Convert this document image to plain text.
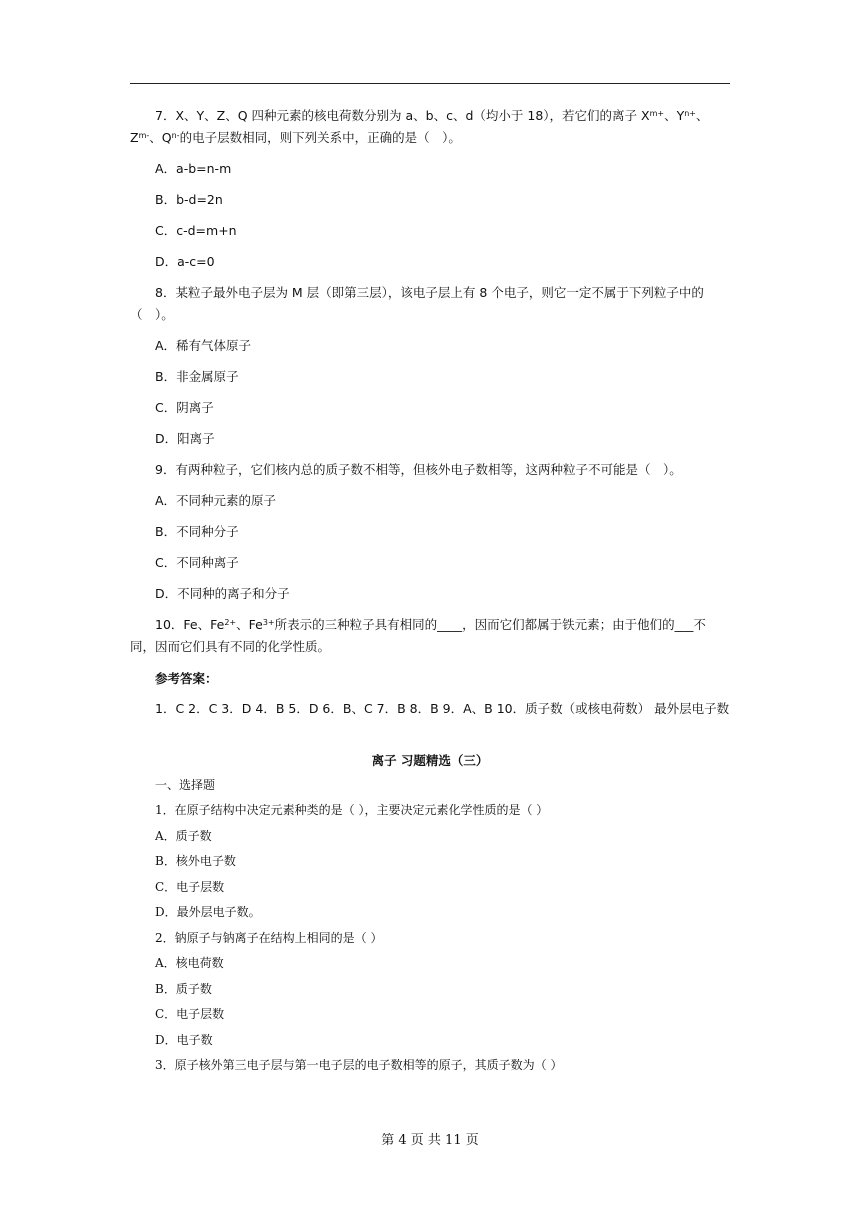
7．X、Y、Z、Q 四种元素的核电荷数分别为 a、b、c、d（均小于 18），若它们的离子 $X^{m+}$、$Y^{n+}$、$Z^{m-}$、$Q^{n-}$的电子层数相同，则下列关系中，正确的是（　）。
A．a-b=n-m
B．b-d=2n
C．c-d=m+n
D．a-c=0
8．某粒子最外电子层为 M 层（即第三层），该电子层上有 8 个电子，则它一定不属于下列粒子中的（　）。
A．稀有气体原子
B．非金属原子
C．阴离子
D．阳离子
9．有两种粒子，它们核内总的质子数不相等，但核外电子数相等，这两种粒子不可能是（　）。
A．不同种元素的原子
B．不同种分子
C．不同种离子
D．不同种的离子和分子
10．Fe、$Fe^{2+}$、$Fe^{3+}$所表示的三种粒子具有相同的____，因而它们都属于铁元素；由于他们的___不同，因而它们具有不同的化学性质。
参考答案：
1．C 2．C 3．D 4．B 5．D 6．B、C 7．B 8．B 9．A、B 10．质子数（或核电荷数） 最外层电子数
离子 习题精选（三）
一、选择题
1．在原子结构中决定元素种类的是（ ），主要决定元素化学性质的是（ ）
A．质子数
B．核外电子数
C．电子层数
D．最外层电子数。
2．钠原子与钠离子在结构上相同的是（ ）
A．核电荷数
B．质子数
C．电子层数
D．电子数
3．原子核外第三电子层与第一电子层的电子数相等的原子，其质子数为（ ）
第 4 页 共 11 页
